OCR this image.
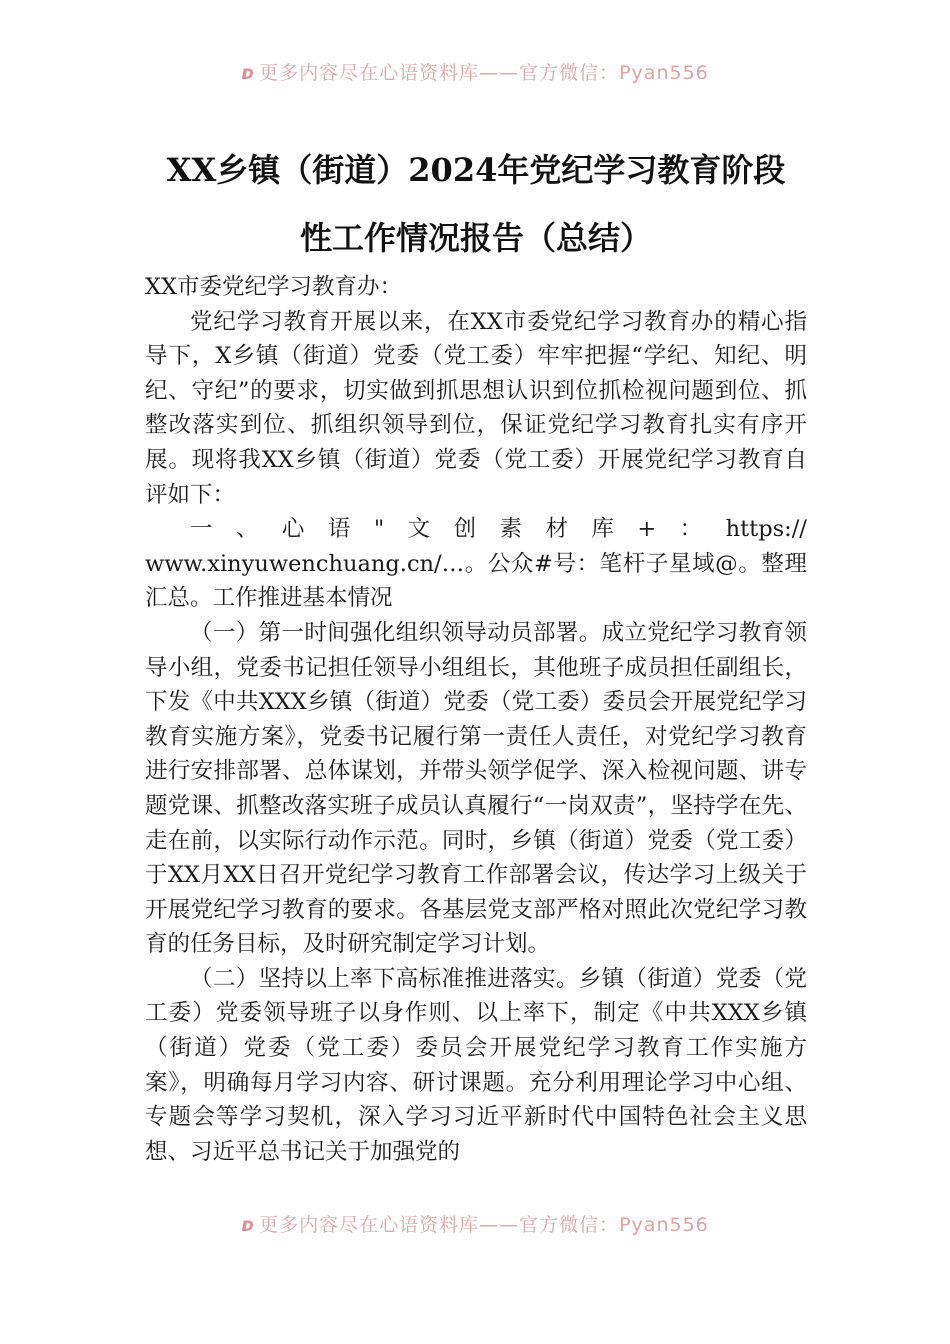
ᴅ 更多内容尽在心语资料库——官方微信：Pyan556
XX乡镇（街道）2024年党纪学习教育阶段
性工作情况报告（总结）

XX市委党纪学习教育办：

党纪学习教育开展以来，在XX市委党纪学习教育办的精心指导下，X乡镇（街道）党委（党工委）牢牢把握“学纪、知纪、明纪、守纪”的要求，切实做到抓思想认识到位抓检视问题到位、抓整改落实到位、抓组织领导到位，保证党纪学习教育扎实有序开展。现将我XX乡镇（街道）党委（党工委）开展党纪学习教育自评如下：

一 、 心 语 " 文 创 素 材 库 + ： https://

www.xinyuwenchuang.cn/…。公众#号：笔杆子星域@。整理汇总。工作推进基本情况

（一）第一时间强化组织领导动员部署。成立党纪学习教育领导小组，党委书记担任领导小组组长，其他班子成员担任副组长，下发《中共XXX乡镇（街道）党委（党工委）委员会开展党纪学习教育实施方案》，党委书记履行第一责任人责任，对党纪学习教育进行安排部署、总体谋划，并带头领学促学、深入检视问题、讲专题党课、抓整改落实班子成员认真履行“一岗双责”，坚持学在先、走在前，以实际行动作示范。同时，乡镇（街道）党委（党工委）于XX月XX日召开党纪学习教育工作部署会议，传达学习上级关于开展党纪学习教育的要求。各基层党支部严格对照此次党纪学习教育的任务目标，及时研究制定学习计划。

（二）坚持以上率下高标准推进落实。乡镇（街道）党委（党工委）党委领导班子以身作则、以上率下，制定《中共XXX乡镇（街道）党委（党工委）委员会开展党纪学习教育工作实施方案》，明确每月学习内容、研讨课题。充分利用理论学习中心组、专题会等学习契机，深入学习习近平新时代中国特色社会主义思想、习近平总书记关于加强党的

ᴅ 更多内容尽在心语资料库——官方微信：Pyan556
